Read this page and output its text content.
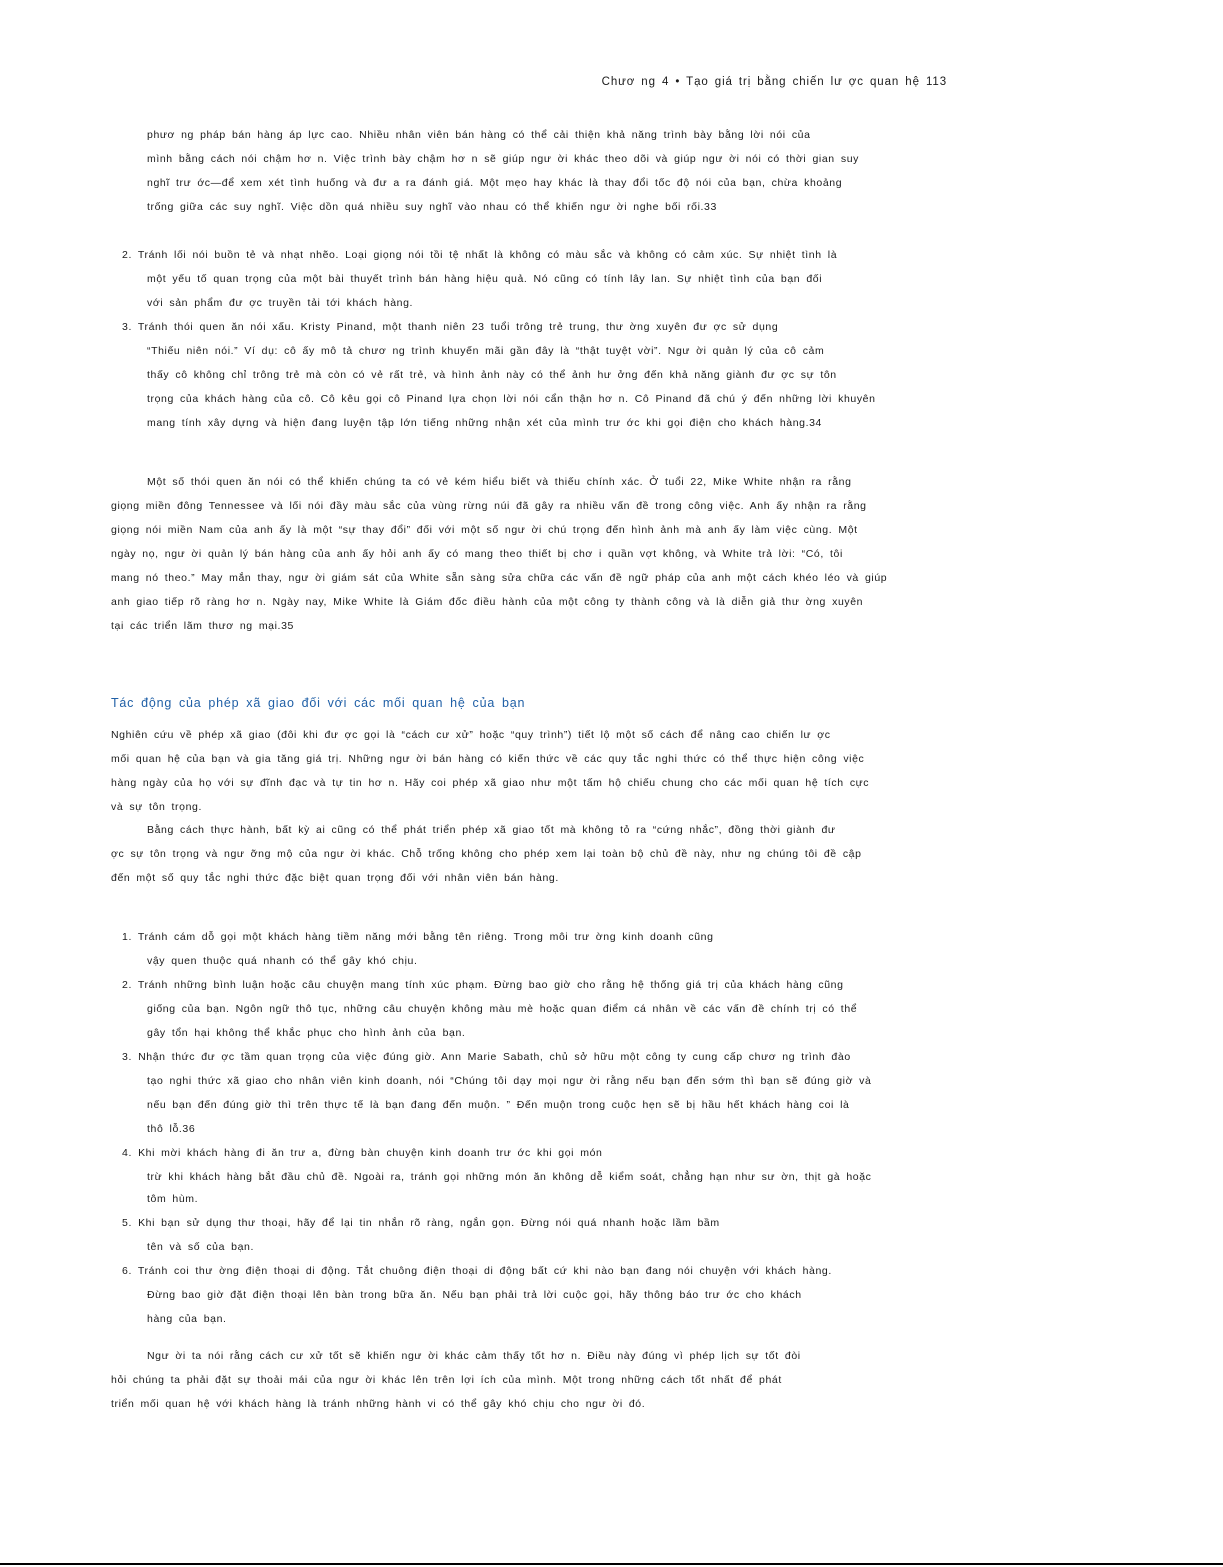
Chươ ng 4 • Tạo giá trị bằng chiến lư ợc quan hệ 113
phươ ng pháp bán hàng áp lực cao. Nhiều nhân viên bán hàng có thể cải thiện khả năng trình bày bằng lời nói của
mình bằng cách nói chậm hơ n. Việc trình bày chậm hơ n sẽ giúp ngư ời khác theo dõi và giúp ngư ời nói có thời gian suy
nghĩ trư ớc—để xem xét tình huống và đư a ra đánh giá. Một mẹo hay khác là thay đổi tốc độ nói của bạn, chừa khoảng
trống giữa các suy nghĩ. Việc dồn quá nhiều suy nghĩ vào nhau có thể khiến ngư ời nghe bối rối.33
2. Tránh lối nói buồn tẻ và nhạt nhẽo. Loại giọng nói tồi tệ nhất là không có màu sắc và không có cảm xúc. Sự nhiệt tình là
một yếu tố quan trọng của một bài thuyết trình bán hàng hiệu quả. Nó cũng có tính lây lan. Sự nhiệt tình của bạn đối
với sản phẩm đư ợc truyền tải tới khách hàng.
3. Tránh thói quen ăn nói xấu. Kristy Pinand, một thanh niên 23 tuổi trông trẻ trung, thư ờng xuyên đư ợc sử dụng
“Thiếu niên nói.” Ví dụ: cô ấy mô tả chươ ng trình khuyến mãi gần đây là “thật tuyệt vời”. Ngư ời quản lý của cô cảm
thấy cô không chỉ trông trẻ mà còn có vẻ rất trẻ, và hình ảnh này có thể ảnh hư ởng đến khả năng giành đư ợc sự tôn
trọng của khách hàng của cô. Cô kêu gọi cô Pinand lựa chọn lời nói cẩn thận hơ n. Cô Pinand đã chú ý đến những lời khuyên
mang tính xây dựng và hiện đang luyện tập lớn tiếng những nhận xét của mình trư ớc khi gọi điện cho khách hàng.34
Một số thói quen ăn nói có thể khiến chúng ta có vẻ kém hiểu biết và thiếu chính xác. Ở tuổi 22, Mike White nhận ra rằng
giọng miền đông Tennessee và lối nói đầy màu sắc của vùng rừng núi đã gây ra nhiều vấn đề trong công việc. Anh ấy nhận ra rằng
giọng nói miền Nam của anh ấy là một “sự thay đổi” đối với một số ngư ời chú trọng đến hình ảnh mà anh ấy làm việc cùng. Một
ngày nọ, ngư ời quản lý bán hàng của anh ấy hỏi anh ấy có mang theo thiết bị chơ i quần vợt không, và White trả lời: “Có, tôi
mang nó theo.” May mắn thay, ngư ời giám sát của White sẵn sàng sửa chữa các vấn đề ngữ pháp của anh một cách khéo léo và giúp
anh giao tiếp rõ ràng hơ n. Ngày nay, Mike White là Giám đốc điều hành của một công ty thành công và là diễn giả thư ờng xuyên
tại các triển lãm thươ ng mại.35
Nghiên cứu về phép xã giao (đôi khi đư ợc gọi là “cách cư xử” hoặc “quy trình”) tiết lộ một số cách để nâng cao chiến lư ợc
mối quan hệ của bạn và gia tăng giá trị. Những ngư ời bán hàng có kiến thức về các quy tắc nghi thức có thể thực hiện công việc
hàng ngày của họ với sự đĩnh đạc và tự tin hơ n. Hãy coi phép xã giao như một tấm hộ chiếu chung cho các mối quan hệ tích cực
và sự tôn trọng.
Bằng cách thực hành, bất kỳ ai cũng có thể phát triển phép xã giao tốt mà không tỏ ra “cứng nhắc”, đồng thời giành đư
ợc sự tôn trọng và ngư ỡng mộ của ngư ời khác. Chỗ trống không cho phép xem lại toàn bộ chủ đề này, như ng chúng tôi đề cập
đến một số quy tắc nghi thức đặc biệt quan trọng đối với nhân viên bán hàng.
1. Tránh cám dỗ gọi một khách hàng tiềm năng mới bằng tên riêng. Trong môi trư ờng kinh doanh cũng
vậy quen thuộc quá nhanh có thể gây khó chịu.
2. Tránh những bình luận hoặc câu chuyện mang tính xúc phạm. Đừng bao giờ cho rằng hệ thống giá trị của khách hàng cũng
giống của bạn. Ngôn ngữ thô tục, những câu chuyện không màu mè hoặc quan điểm cá nhân về các vấn đề chính trị có thể
gây tổn hại không thể khắc phục cho hình ảnh của bạn.
3. Nhận thức đư ợc tầm quan trọng của việc đúng giờ. Ann Marie Sabath, chủ sở hữu một công ty cung cấp chươ ng trình đào
tạo nghi thức xã giao cho nhân viên kinh doanh, nói “Chúng tôi dạy mọi ngư ời rằng nếu bạn đến sớm thì bạn sẽ đúng giờ và
nếu bạn đến đúng giờ thì trên thực tế là bạn đang đến muộn. ” Đến muộn trong cuộc hẹn sẽ bị hầu hết khách hàng coi là
thô lỗ.36
4. Khi mời khách hàng đi ăn trư a, đừng bàn chuyện kinh doanh trư ớc khi gọi món
trừ khi khách hàng bắt đầu chủ đề. Ngoài ra, tránh gọi những món ăn không dễ kiểm soát, chẳng hạn như sư ờn, thịt gà hoặc
tôm hùm.
5. Khi bạn sử dụng thư thoại, hãy để lại tin nhắn rõ ràng, ngắn gọn. Đừng nói quá nhanh hoặc lầm bầm
tên và số của bạn.
6. Tránh coi thư ờng điện thoại di động. Tắt chuông điện thoại di động bất cứ khi nào bạn đang nói chuyện với khách hàng.
Đừng bao giờ đặt điện thoại lên bàn trong bữa ăn. Nếu bạn phải trả lời cuộc gọi, hãy thông báo trư ớc cho khách
hàng của bạn.
Ngư ời ta nói rằng cách cư xử tốt sẽ khiến ngư ời khác cảm thấy tốt hơ n. Điều này đúng vì phép lịch sự tốt đòi
hỏi chúng ta phải đặt sự thoải mái của ngư ời khác lên trên lợi ích của mình. Một trong những cách tốt nhất để phát
triển mối quan hệ với khách hàng là tránh những hành vi có thể gây khó chịu cho ngư ời đó.
Tác động của phép xã giao đối với các mối quan hệ của bạn
